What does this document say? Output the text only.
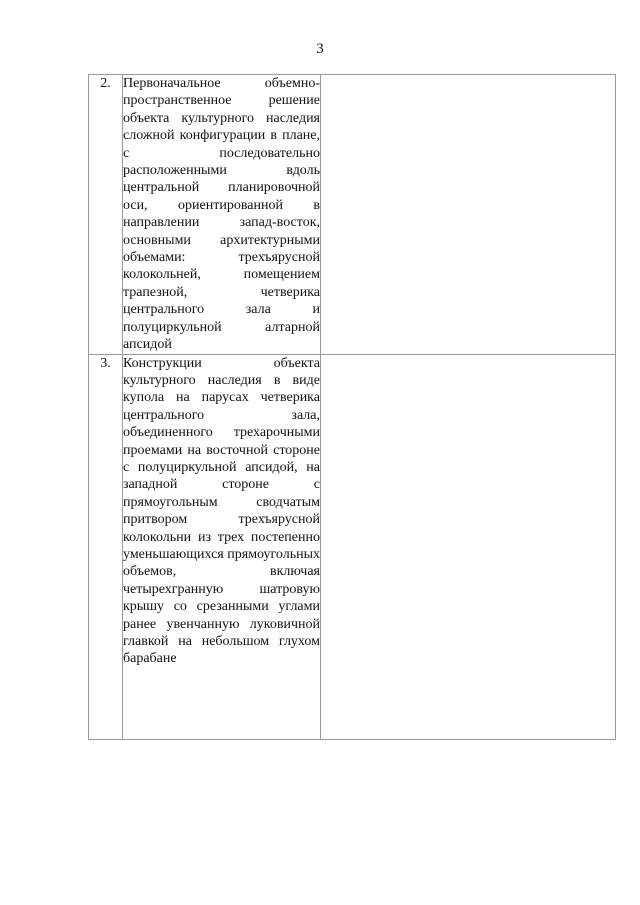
3
2.	Первоначальное объемно-пространственное решение объекта культурного наследия сложной конфигурации в плане, с последовательно расположенными вдоль центральной планировочной оси, ориентированной в направлении запад-восток, основными архитектурными объемами: трехъярусной колокольней, помещением трапезной, четверика центрального зала и полуциркульной алтарной апсидой	
3.	Конструкции объекта культурного наследия в виде купола на парусах четверика центрального зала, объединенного трехарочными проемами на восточной стороне с полуциркульной апсидой, на западной стороне с прямоугольным сводчатым притвором трехъярусной колокольни из трех постепенно уменьшающихся прямоугольных объемов, включая четырехгранную шатровую крышу со срезанными углами ранее увенчанную луковичной главкой на небольшом глухом барабане	
